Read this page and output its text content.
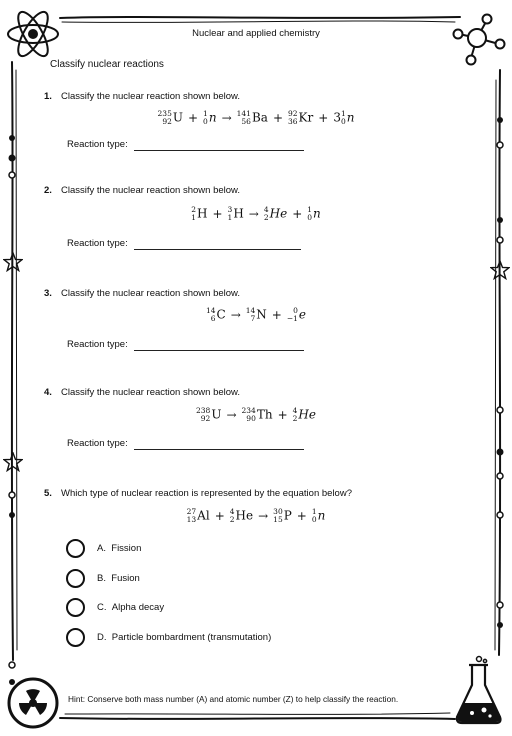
Nuclear and applied chemistry
Classify nuclear reactions
1. Classify the nuclear reaction shown below.
235
92 U + 1
0 n → 141
56 Ba + 92
36 Kr + 3 1
0 n
Reaction type:
2. Classify the nuclear reaction shown below.
2
1 H + 3
1 H → 4
2 He + 1
0 n
Reaction type:
3. Classify the nuclear reaction shown below.
14
6 C → 14
7 N +	0
−1 e
Reaction type:
4. Classify the nuclear reaction shown below.
238
92 U → 234
90 Th + 4
2 He
Reaction type:
5. Which type of nuclear reaction is represented by the equation below?
27
13 Al + 4
2 He → 30
15 P + 1
0 n
A. Fission
B. Fusion
C. Alpha decay
D. Particle bombardment (transmutation)
Hint: Conserve both mass number (A) and atomic number (Z) to help classify the reaction.
